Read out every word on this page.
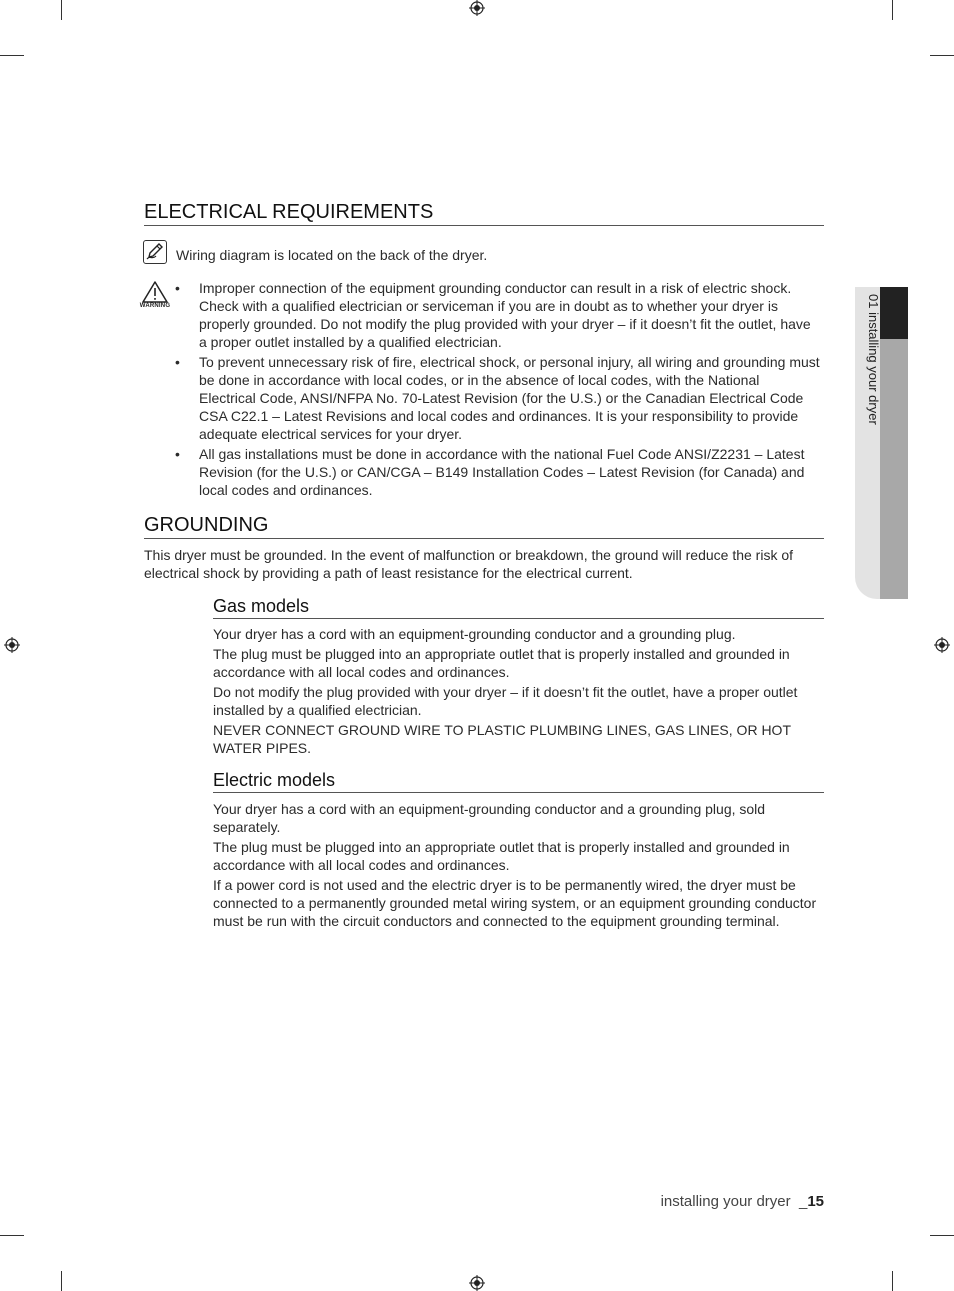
ELECTRICAL REQUIREMENTS
Wiring diagram is located on the back of the dryer.
WARNING
• Improper connection of the equipment grounding conductor can result in a risk of electric shock. Check with a qualified electrician or serviceman if you are in doubt as to whether your dryer is properly grounded. Do not modify the plug provided with your dryer – if it doesn’t fit the outlet, have a proper outlet installed by a qualified electrician.
• To prevent unnecessary risk of fire, electrical shock, or personal injury, all wiring and grounding must be done in accordance with local codes, or in the absence of local codes, with the National Electrical Code, ANSI/NFPA No. 70-Latest Revision (for the U.S.) or the Canadian Electrical Code CSA C22.1 – Latest Revisions and local codes and ordinances. It is your responsibility to provide adequate electrical services for your dryer.
• All gas installations must be done in accordance with the national Fuel Code ANSI/Z2231 – Latest Revision (for the U.S.) or CAN/CGA – B149 Installation Codes – Latest Revision (for Canada) and local codes and ordinances.
GROUNDING
This dryer must be grounded. In the event of malfunction or breakdown, the ground will reduce the risk of electrical shock by providing a path of least resistance for the electrical current.
Gas models

Your dryer has a cord with an equipment-grounding conductor and a grounding plug.

The plug must be plugged into an appropriate outlet that is properly installed and grounded in accordance with all local codes and ordinances.

Do not modify the plug provided with your dryer – if it doesn’t fit the outlet, have a proper outlet installed by a qualified electrician.

NEVER CONNECT GROUND WIRE TO PLASTIC PLUMBING LINES, GAS LINES, OR HOT WATER PIPES.

Electric models

Your dryer has a cord with an equipment-grounding conductor and a grounding plug, sold separately.

The plug must be plugged into an appropriate outlet that is properly installed and grounded in accordance with all local codes and ordinances.

If a power cord is not used and the electric dryer is to be permanently wired, the dryer must be connected to a permanently grounded metal wiring system, or an equipment grounding conductor must be run with the circuit conductors and connected to the equipment grounding terminal.

01 installing your dryer
installing your dryer _15
